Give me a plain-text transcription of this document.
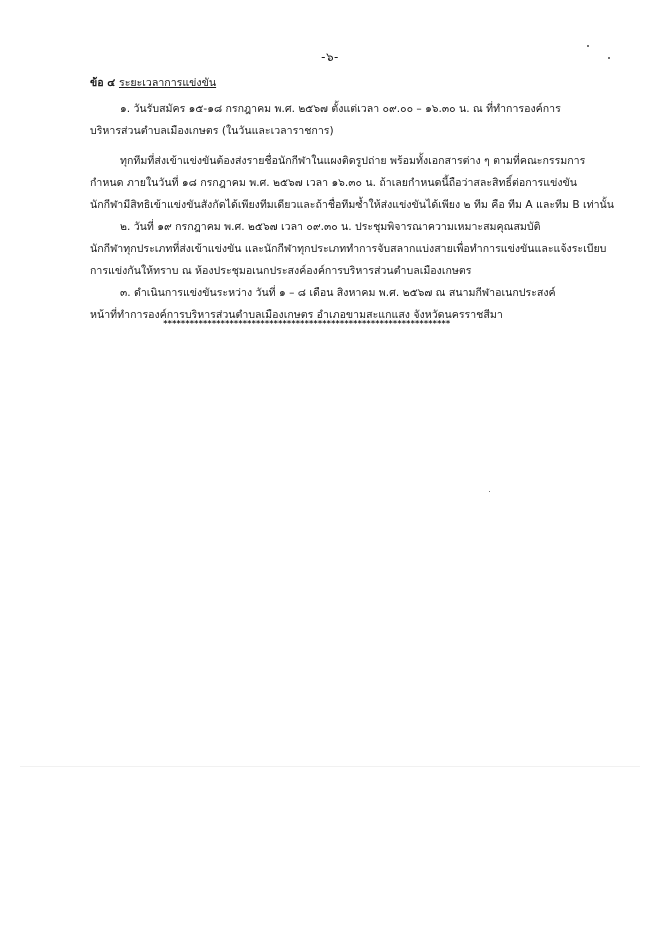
-๖-
ข้อ ๔ ระยะเวลาการแข่งขัน
๑. วันรับสมัคร ๑๕-๑๘ กรกฎาคม พ.ศ. ๒๕๖๗ ตั้งแต่เวลา ๐๙.๐๐ – ๑๖.๓๐ น. ณ ที่ทำการองค์การ
บริหารส่วนตำบลเมืองเกษตร (ในวันและเวลาราชการ)
ทุกทีมที่ส่งเข้าแข่งขันต้องส่งรายชื่อนักกีฬาในแผงติดรูปถ่าย พร้อมทั้งเอกสารต่าง ๆ ตามที่คณะกรรมการ
กำหนด ภายในวันที่ ๑๘ กรกฎาคม พ.ศ. ๒๕๖๗ เวลา ๑๖.๓๐ น. ถ้าเลยกำหนดนี้ถือว่าสละสิทธิ์ต่อการแข่งขัน
นักกีฬามีสิทธิเข้าแข่งขันสังกัดได้เพียงทีมเดียวและถ้าชื่อทีมซ้ำให้ส่งแข่งขันได้เพียง ๒ ทีม คือ ทีม A และทีม B เท่านั้น
๒. วันที่ ๑๙ กรกฎาคม พ.ศ. ๒๕๖๗ เวลา ๐๙.๓๐ น. ประชุมพิจารณาความเหมาะสมคุณสมบัติ
นักกีฬาทุกประเภทที่ส่งเข้าแข่งขัน และนักกีฬาทุกประเภททำการจับสลากแบ่งสายเพื่อทำการแข่งขันและแจ้งระเบียบ
การแข่งกันให้ทราบ ณ ห้องประชุมอเนกประสงค์องค์การบริหารส่วนตำบลเมืองเกษตร
๓. ดำเนินการแข่งขันระหว่าง วันที่ ๑ – ๘ เดือน สิงหาคม พ.ศ. ๒๕๖๗ ณ สนามกีฬาอเนกประสงค์
หน้าที่ทำการองค์การบริหารส่วนตำบลเมืองเกษตร อำเภอขามสะแกแสง จังหวัดนครราชสีมา
*****************************************************************
